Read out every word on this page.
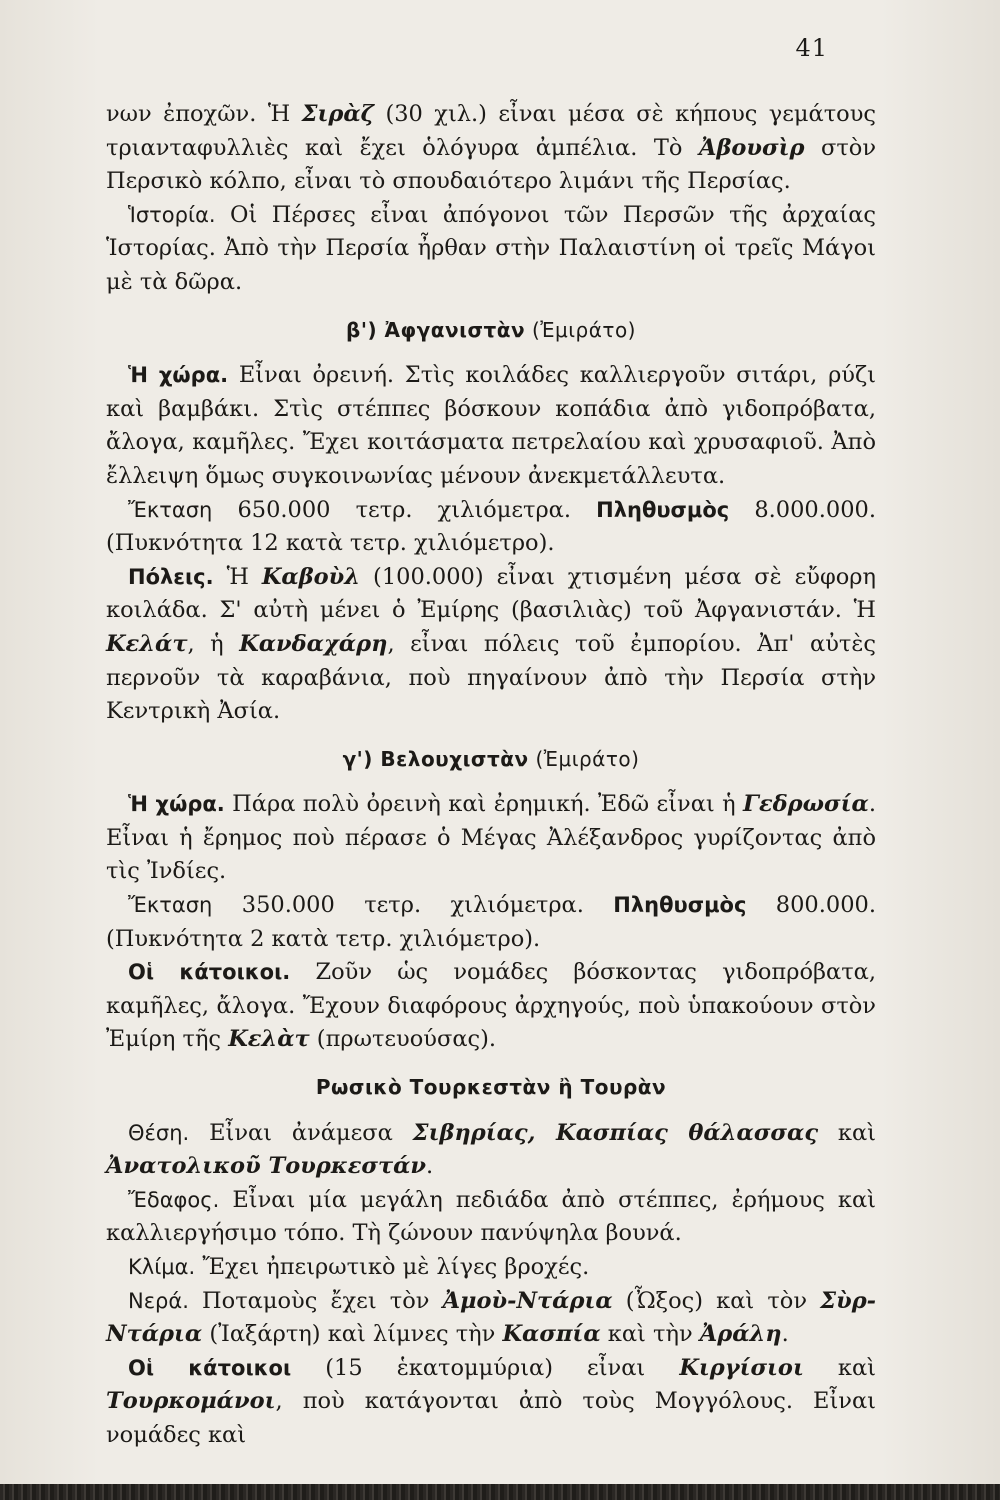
41

νων ἐποχῶν. Ἡ Σιρὰζ (30 χιλ.) εἶναι μέσα σὲ κήπους γεμάτους τριανταφυλλιὲς καὶ ἔχει ὁλόγυρα ἀμπέλια. Τὸ Ἀβουσὶρ στὸν Περσικὸ κόλπο, εἶναι τὸ σπουδαιότερο λιμάνι τῆς Περσίας.

Ἱστορία. Οἱ Πέρσες εἶναι ἀπόγονοι τῶν Περσῶν τῆς ἀρχαίας Ἱστορίας. Ἀπὸ τὴν Περσία ἦρθαν στὴν Παλαιστίνη οἱ τρεῖς Μάγοι μὲ τὰ δῶρα.

β') Ἀφγανιστὰν (Ἐμιράτο)

Ἡ χώρα. Εἶναι ὀρεινή. Στὶς κοιλάδες καλλιεργοῦν σιτάρι, ρύζι καὶ βαμβάκι. Στὶς στέππες βόσκουν κοπάδια ἀπὸ γιδοπρόβατα, ἄλογα, καμῆλες. Ἔχει κοιτάσματα πετρελαίου καὶ χρυσαφιοῦ. Ἀπὸ ἔλλειψη ὅμως συγκοινωνίας μένουν ἀνεκμετάλλευτα.

Ἔκταση 650.000 τετρ. χιλιόμετρα. Πληθυσμὸς 8.000.000. (Πυκνότητα 12 κατὰ τετρ. χιλιόμετρο).

Πόλεις. Ἡ Καβοὺλ (100.000) εἶναι χτισμένη μέσα σὲ εὔφορη κοιλάδα. Σ' αὐτὴ μένει ὁ Ἐμίρης (βασιλιὰς) τοῦ Ἀφγανιστάν. Ἡ Κελάτ, ἡ Κανδαχάρη, εἶναι πόλεις τοῦ ἐμπορίου. Ἀπ' αὐτὲς περνοῦν τὰ καραβάνια, ποὺ πηγαίνουν ἀπὸ τὴν Περσία στὴν Κεντρικὴ Ἀσία.

γ') Βελουχιστὰν (Ἐμιράτο)

Ἡ χώρα. Πάρα πολὺ ὀρεινὴ καὶ ἐρημική. Ἐδῶ εἶναι ἡ Γεδρωσία. Εἶναι ἡ ἔρημος ποὺ πέρασε ὁ Μέγας Ἀλέξανδρος γυρίζοντας ἀπὸ τὶς Ἰνδίες.

Ἔκταση 350.000 τετρ. χιλιόμετρα. Πληθυσμὸς 800.000. (Πυκνότητα 2 κατὰ τετρ. χιλιόμετρο).

Οἱ κάτοικοι. Ζοῦν ὡς νομάδες βόσκοντας γιδοπρόβατα, καμῆλες, ἄλογα. Ἔχουν διαφόρους ἀρχηγούς, ποὺ ὑπακούουν στὸν Ἐμίρη τῆς Κελὰτ (πρωτευούσας).

Ρωσικὸ Τουρκεστὰν ἢ Τουρὰν

Θέση. Εἶναι ἀνάμεσα Σιβηρίας, Κασπίας θάλασσας καὶ Ἀνατολικοῦ Τουρκεστάν.

Ἔδαφος. Εἶναι μία μεγάλη πεδιάδα ἀπὸ στέππες, ἐρήμους καὶ καλλιεργήσιμο τόπο. Τὴ ζώνουν πανύψηλα βουνά.

Κλίμα. Ἔχει ἠπειρωτικὸ μὲ λίγες βροχές.

Νερά. Ποταμοὺς ἔχει τὸν Ἀμοὺ-Ντάρια (Ὦξος) καὶ τὸν Σὺρ-Ντάρια (Ἰαξάρτη) καὶ λίμνες τὴν Κασπία καὶ τὴν Ἀράλη.

Οἱ κάτοικοι (15 ἑκατομμύρια) εἶναι Κιργίσιοι καὶ Τουρκομάνοι, ποὺ κατάγονται ἀπὸ τοὺς Μογγόλους. Εἶναι νομάδες καὶ
